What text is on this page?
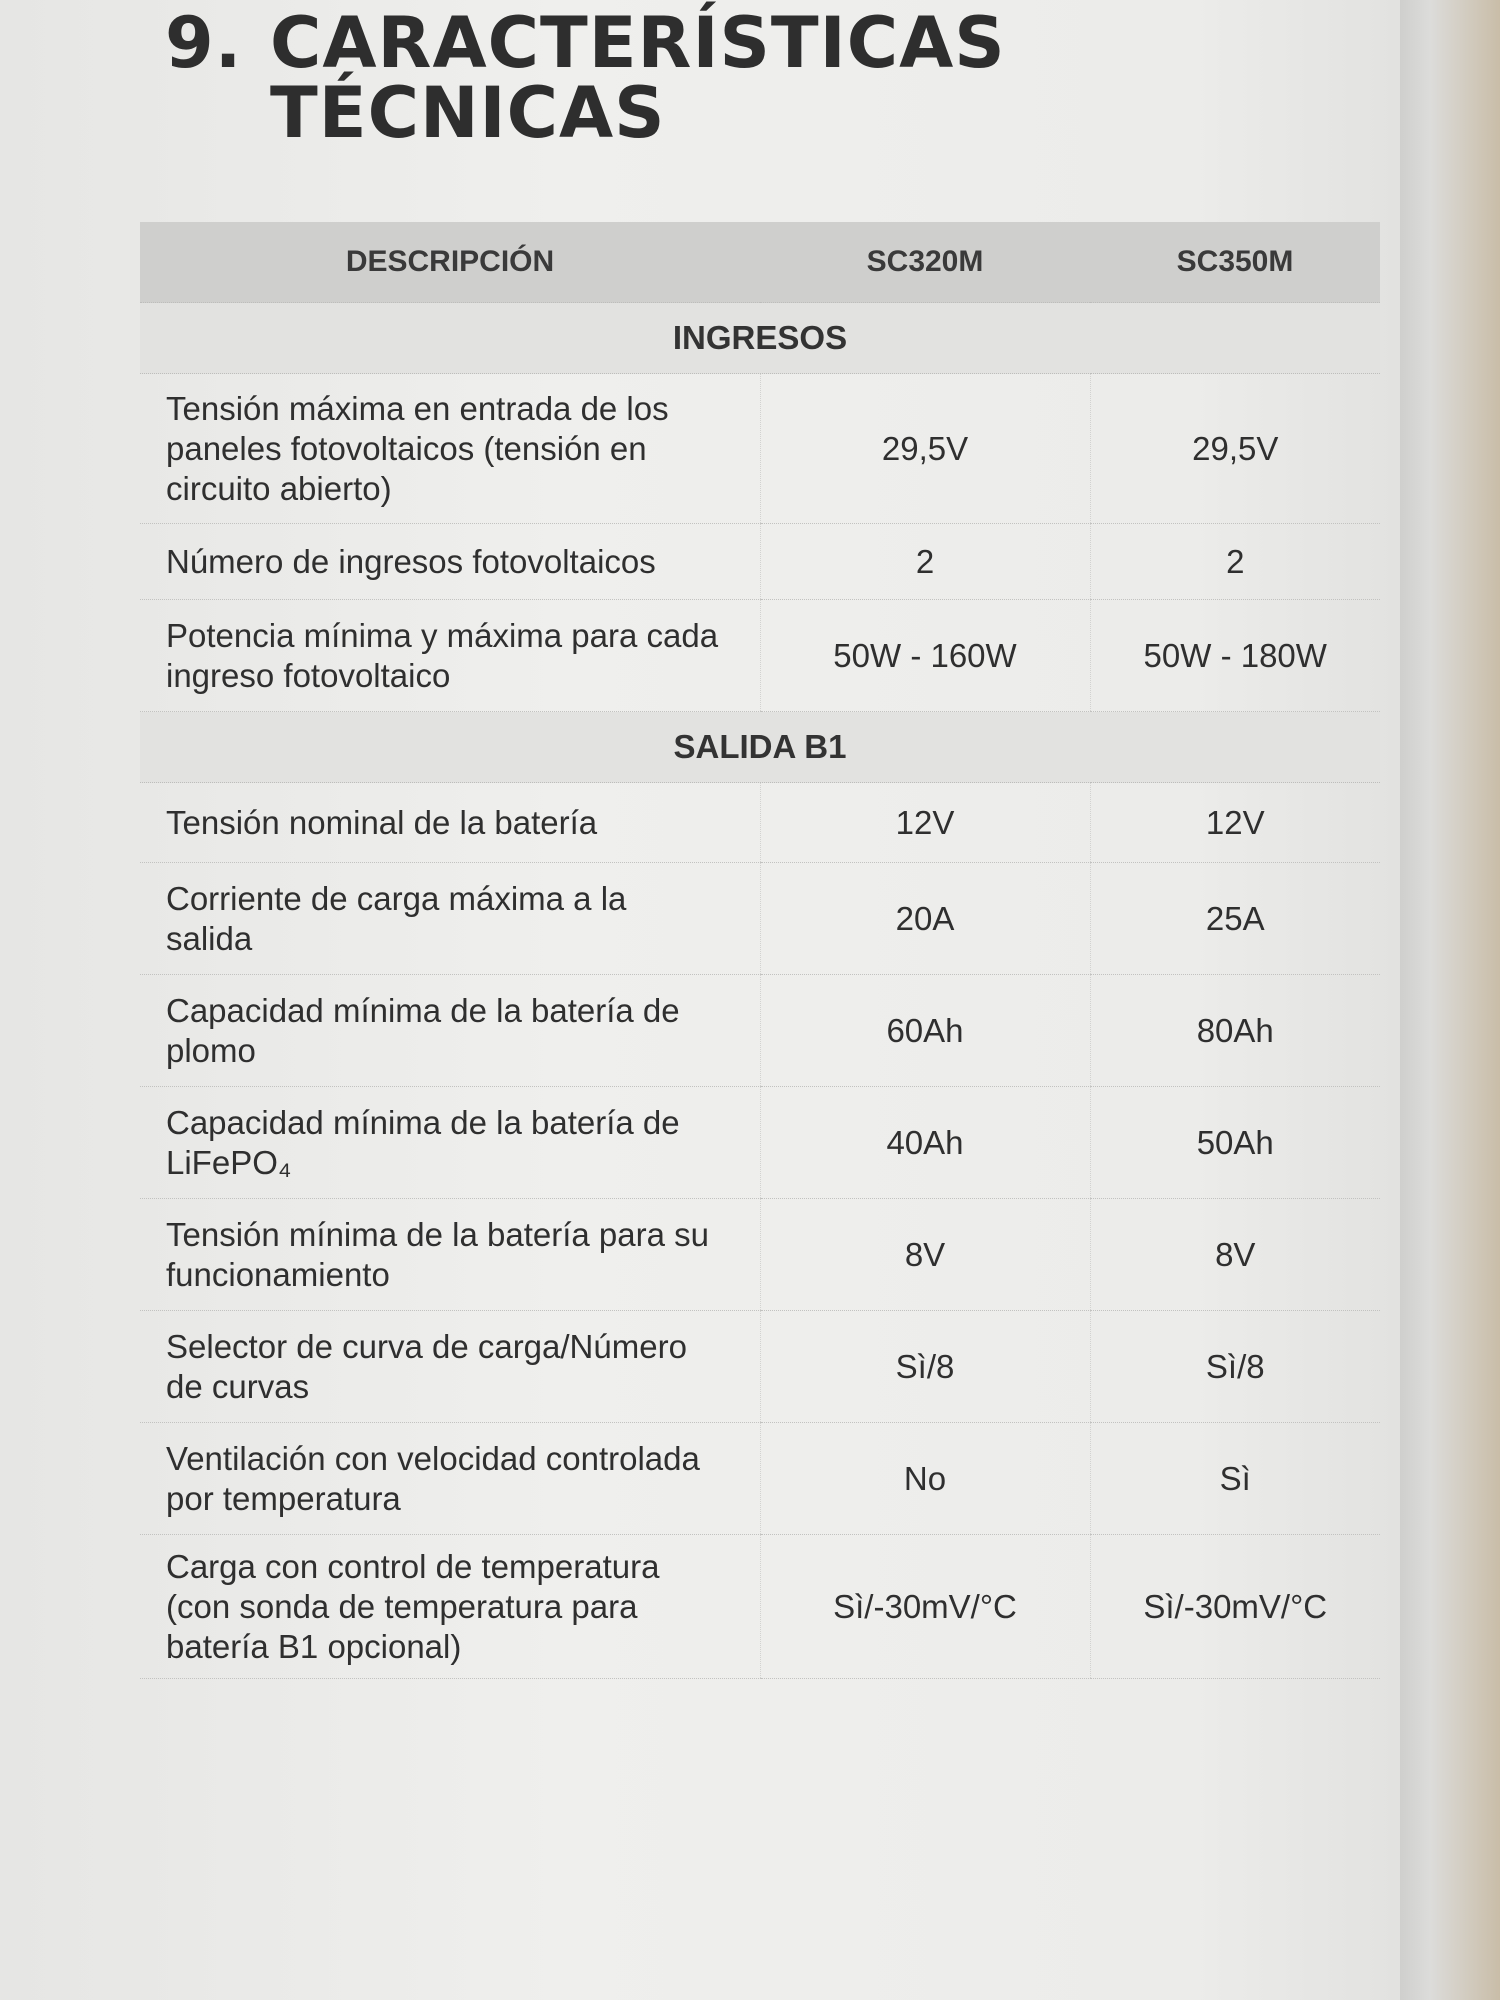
9. CARACTERÍSTICAS
TÉCNICAS
DESCRIPCIÓN	SC320M	SC350M
INGRESOS		
Tensión máxima en entrada de los paneles fotovoltaicos (tensión en circuito abierto)	29,5V	29,5V
Número de ingresos fotovoltaicos	2	2
Potencia mínima y máxima para cada ingreso fotovoltaico	50W - 160W	50W - 180W
SALIDA B1		
Tensión nominal de la batería	12V	12V
Corriente de carga máxima a la salida	20A	25A
Capacidad mínima de la batería de plomo	60Ah	80Ah
Capacidad mínima de la batería de LiFePO₄	40Ah	50Ah
Tensión mínima de la batería para su funcionamiento	8V	8V
Selector de curva de carga/Número de curvas	Sì/8	Sì/8
Ventilación con velocidad controlada por temperatura	No	Sì
Carga con control de temperatura (con sonda de temperatura para batería B1 opcional)	Sì/-30mV/°C	Sì/-30mV/°C
